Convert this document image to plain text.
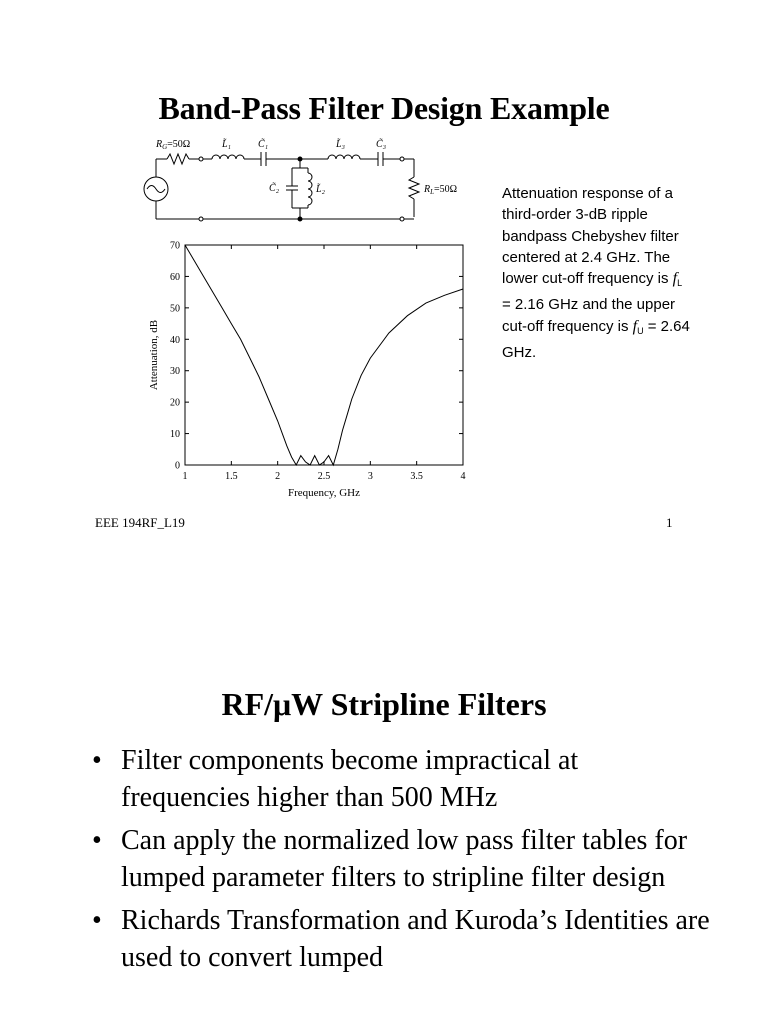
Band-Pass Filter Design Example
$R_G=50\Omega$	L̃₁	C̃₁	L̃₃	C̃₃
C̃₂	L̃₂	$R_L=50\Omega$
1	1.5	2	2.5	3	3.5	4
0
10
20
30
40
50
60
70
Frequency, GHz
Attenuation, dB
Attenuation response of a third-order 3-dB ripple bandpass Chebyshev filter centered at 2.4 GHz. The lower cut-off frequency is $f_L = 2.16$ GHz and the upper cut-off frequency is $f_U = 2.64$ GHz.
EEE 194RF_L19	1
RF/μW Stripline Filters
• Filter components become impractical at frequencies higher than 500 MHz
• Can apply the normalized low pass filter tables for lumped parameter filters to stripline filter design
• Richards Transformation and Kuroda’s Identities are used to convert lumped
